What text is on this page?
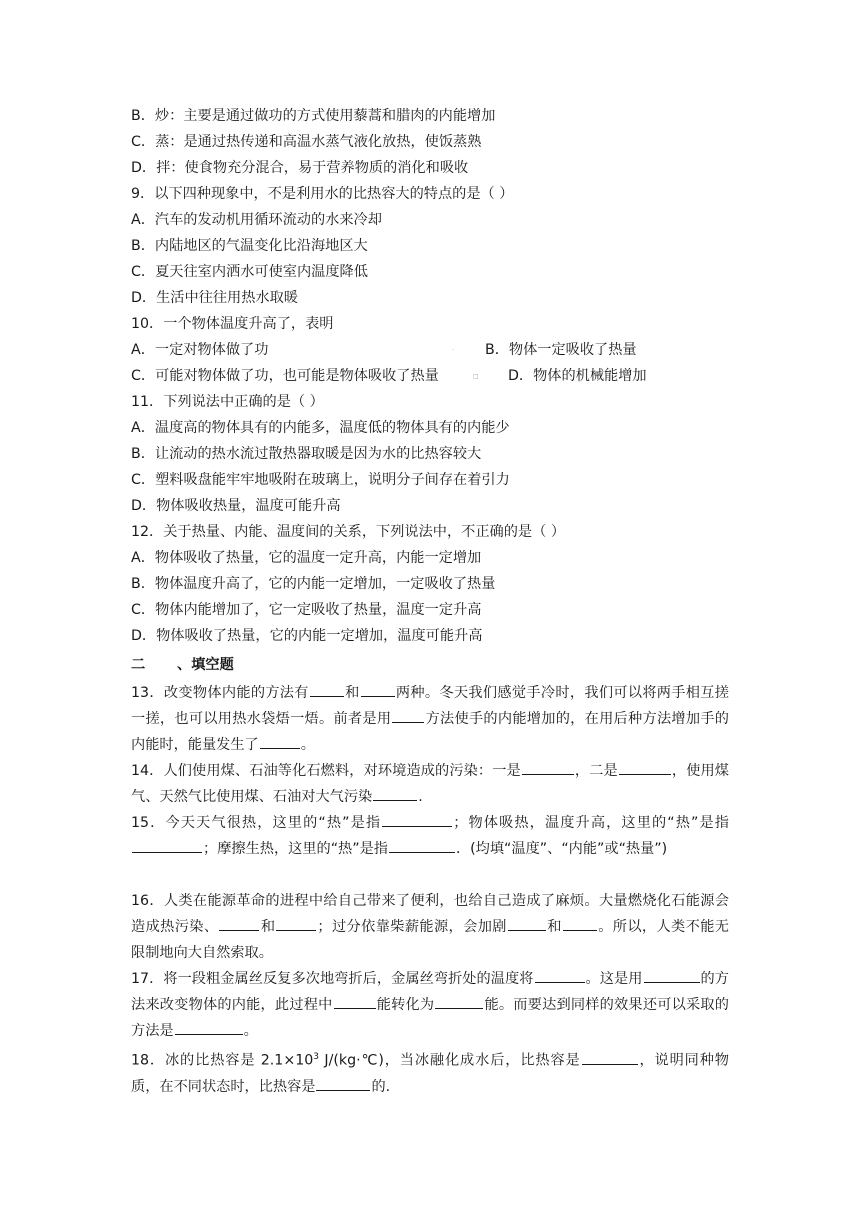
B．炒：主要是通过做功的方式使用藜蒿和腊肉的内能增加
C．蒸：是通过热传递和高温水蒸气液化放热，使饭蒸熟
D．拌：使食物充分混合，易于营养物质的消化和吸收
9．以下四种现象中，不是利用水的比热容大的特点的是（ ）
A．汽车的发动机用循环流动的水来冷却
B．内陆地区的气温变化比沿海地区大
C．夏天往室内洒水可使室内温度降低
D．生活中往往用热水取暖
10．一个物体温度升高了，表明
A．一定对物体做了功	· B．物体一定吸收了热量
C．可能对物体做了功，也可能是物体吸收了热量	□ D．物体的机械能增加
11．下列说法中正确的是（ ）
A．温度高的物体具有的内能多，温度低的物体具有的内能少
B．让流动的热水流过散热器取暖是因为水的比热容较大
C．塑料吸盘能牢牢地吸附在玻璃上，说明分子间存在着引力
D．物体吸收热量，温度可能升高
12．关于热量、内能、温度间的关系，下列说法中，不正确的是（ ）
A．物体吸收了热量，它的温度一定升高，内能一定增加
B．物体温度升高了，它的内能一定增加，一定吸收了热量
C．物体内能增加了，它一定吸收了热量，温度一定升高
D．物体吸收了热量，它的内能一定增加，温度可能升高
二 、填空题
13．改变物体内能的方法有	和	两种。冬天我们感觉手冷时，我们可以将两手相互搓一搓，也可以用热水袋焐一焐。前者是用 方法使手的内能增加的，在用后种方法增加手的内能时，能量发生了	。
14．人们使用煤、石油等化石燃料，对环境造成的污染：一是	，二是	，使用煤气、天然气比使用煤、石油对大气污染	.
15．今天天气很热，这里的“热”是指	；物体吸热，温度升高，这里的“热”是指；摩擦生热，这里的“热”是指	．(均填“温度”、“内能”或“热量”)
16．人类在能源革命的进程中给自己带来了便利，也给自己造成了麻烦。大量燃烧化石能源会造成热污染、	和	；过分依靠柴薪能源，会加剧	和	。所以，人类不能无限制地向大自然索取。
17．将一段粗金属丝反复多次地弯折后，金属丝弯折处的温度将	。这是用	的方法来改变物体的内能，此过程中	能转化为	能。而要达到同样的效果还可以采取的方法是	。
18．冰的比热容是 $2.1\times 10^3$ J/(kg·℃)，当冰融化成水后，比热容是	，说明同种物质，在不同状态时，比热容是	的.
